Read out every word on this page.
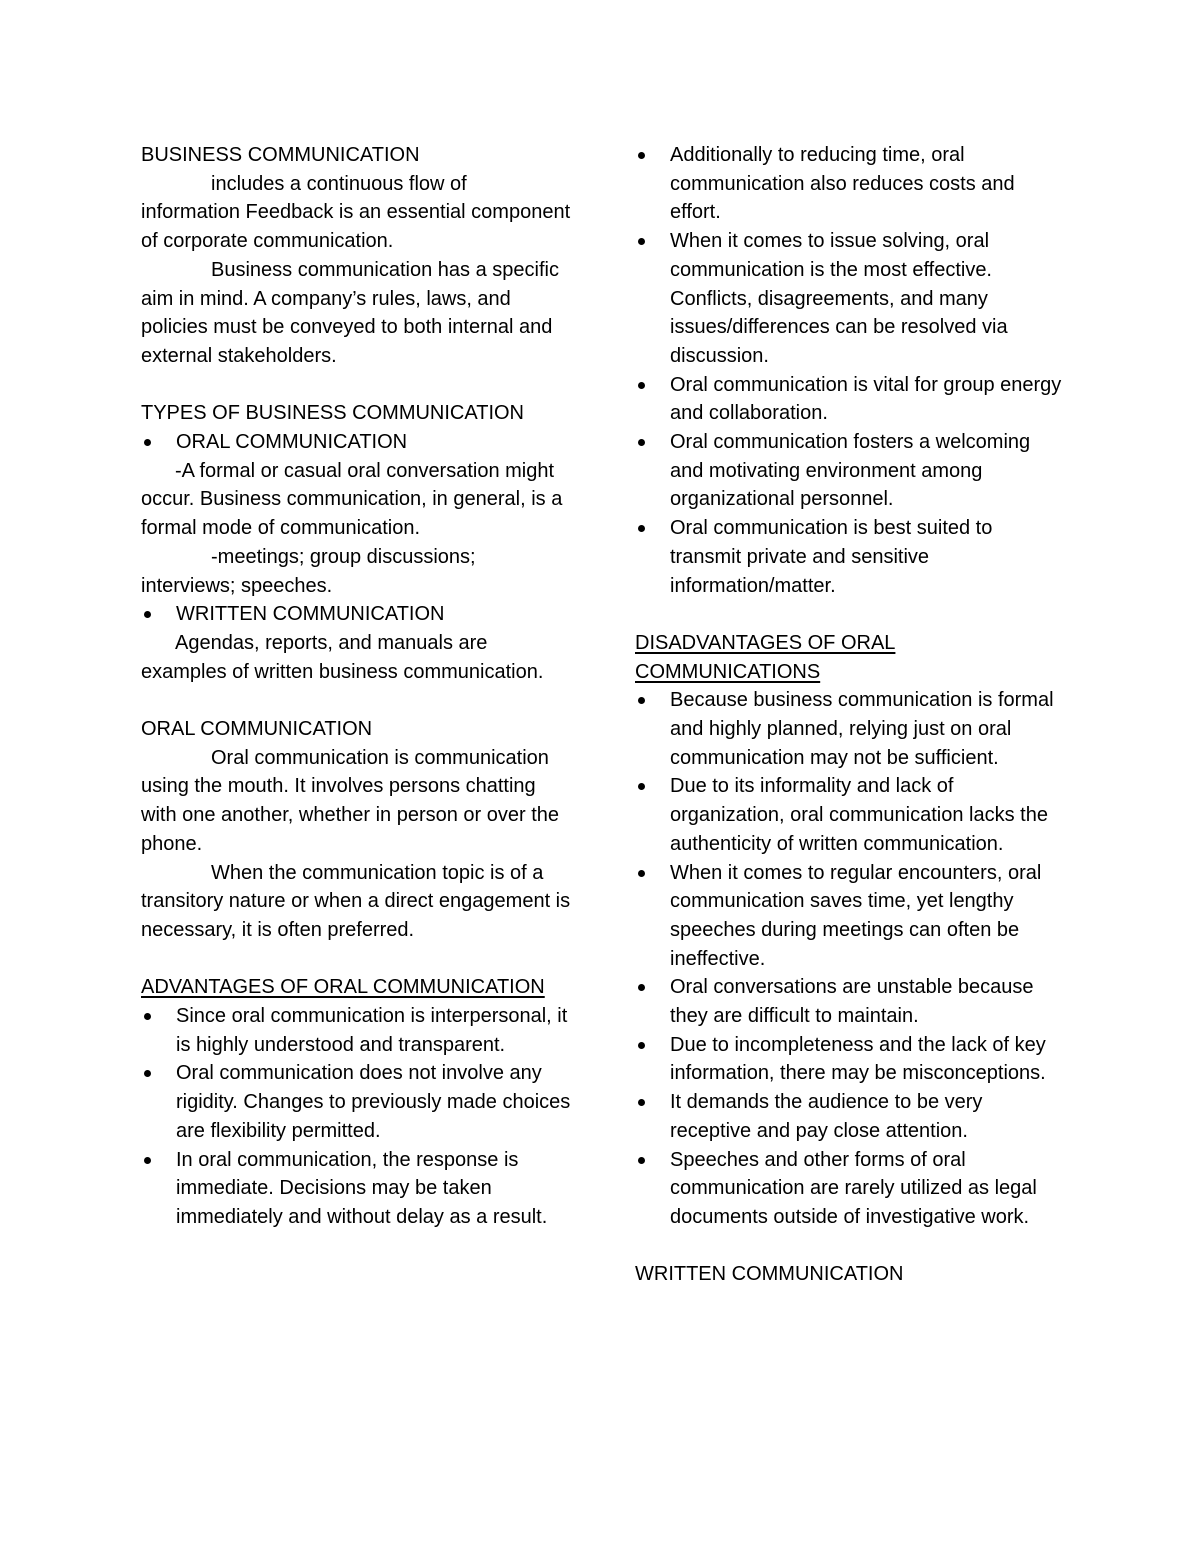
BUSINESS COMMUNICATION

includes a continuous flow of information Feedback is an essential component of corporate communication.

Business communication has a specific aim in mind. A company’s rules, laws, and policies must be conveyed to both internal and external stakeholders.

TYPES OF BUSINESS COMMUNICATION

ORAL COMMUNICATION

-A formal or casual oral conversation might occur. Business communication, in general, is a formal mode of communication.

-meetings; group discussions; interviews; speeches.

WRITTEN COMMUNICATION

Agendas, reports, and manuals are examples of written business communication.

ORAL COMMUNICATION

Oral communication is communication using the mouth. It involves persons chatting with one another, whether in person or over the phone.

When the communication topic is of a transitory nature or when a direct engagement is necessary, it is often preferred.

ADVANTAGES OF ORAL COMMUNICATION

Since oral communication is interpersonal, it is highly understood and transparent.
Oral communication does not involve any rigidity. Changes to previously made choices are flexibility permitted.
In oral communication, the response is immediate. Decisions may be taken immediately and without delay as a result.
Additionally to reducing time, oral communication also reduces costs and effort.
When it comes to issue solving, oral communication is the most effective. Conflicts, disagreements, and many issues/differences can be resolved via discussion.
Oral communication is vital for group energy and collaboration.
Oral communication fosters a welcoming and motivating environment among organizational personnel.
Oral communication is best suited to transmit private and sensitive information/matter.

DISADVANTAGES OF ORAL COMMUNICATIONS

Because business communication is formal and highly planned, relying just on oral communication may not be sufficient.
Due to its informality and lack of organization, oral communication lacks the authenticity of written communication.
When it comes to regular encounters, oral communication saves time, yet lengthy speeches during meetings can often be ineffective.
Oral conversations are unstable because they are difficult to maintain.
Due to incompleteness and the lack of key information, there may be misconceptions.
It demands the audience to be very receptive and pay close attention.
Speeches and other forms of oral communication are rarely utilized as legal documents outside of investigative work.

WRITTEN COMMUNICATION
